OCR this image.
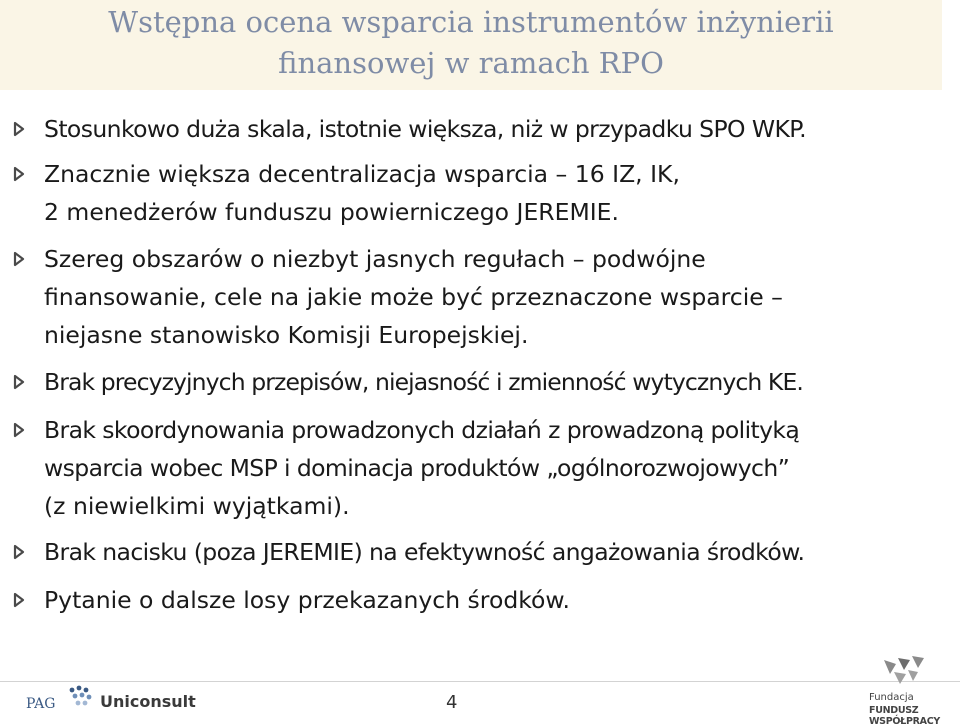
Wstępna ocena wsparcia instrumentów inżynierii
finansowej w ramach RPO

Stosunkowo duża skala, istotnie większa, niż w przypadku SPO WKP.

Znacznie większa decentralizacja wsparcia – 16 IZ, IK,

2 menedżerów funduszu powierniczego JEREMIE.

Szereg obszarów o niezbyt jasnych regułach – podwójne

finansowanie, cele na jakie może być przeznaczone wsparcie –

niejasne stanowisko Komisji Europejskiej.

Brak precyzyjnych przepisów, niejasność i zmienność wytycznych KE.

Brak skoordynowania prowadzonych działań z prowadzoną polityką

wsparcia wobec MSP i dominacja produktów „ogólnorozwojowych”

(z niewielkimi wyjątkami).

Brak nacisku (poza JEREMIE) na efektywność angażowania środków.

Pytanie o dalsze losy przekazanych środków.

PAG	Uniconsult	4	Fundacja
FUNDUSZ WSPÓŁPRACY
